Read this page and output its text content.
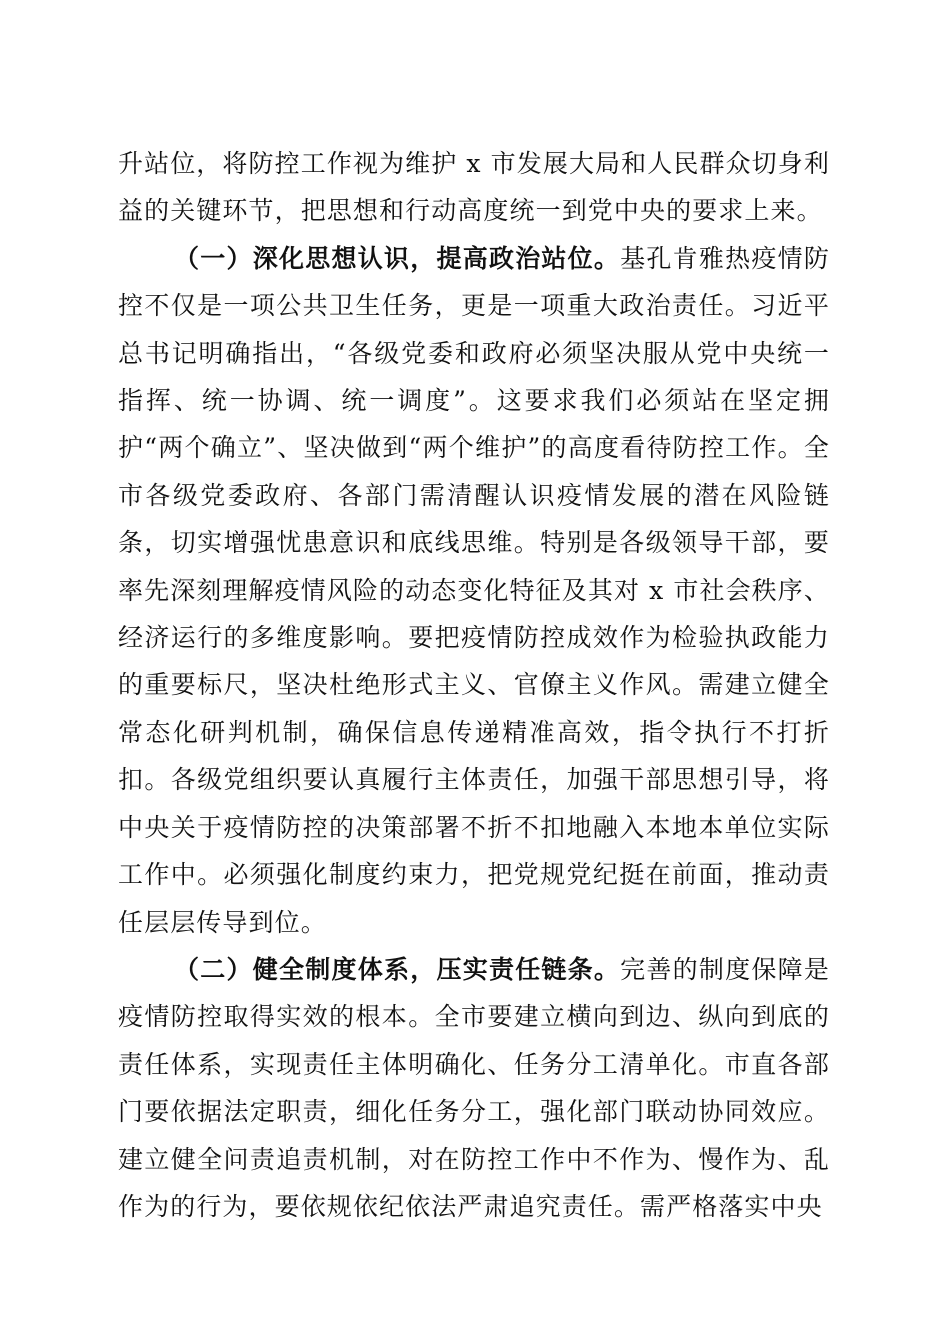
升站位，将防控工作视为维护 x 市发展大局和人民群众切身利益的关键环节，把思想和行动高度统一到党中央的要求上来。

（一）深化思想认识，提高政治站位。基孔肯雅热疫情防控不仅是一项公共卫生任务，更是一项重大政治责任。习近平总书记明确指出，“各级党委和政府必须坚决服从党中央统一指挥、统一协调、统一调度”。这要求我们必须站在坚定拥护“两个确立”、坚决做到“两个维护”的高度看待防控工作。全市各级党委政府、各部门需清醒认识疫情发展的潜在风险链条，切实增强忧患意识和底线思维。特别是各级领导干部，要率先深刻理解疫情风险的动态变化特征及其对 x 市社会秩序、经济运行的多维度影响。要把疫情防控成效作为检验执政能力的重要标尺，坚决杜绝形式主义、官僚主义作风。需建立健全常态化研判机制，确保信息传递精准高效，指令执行不打折扣。各级党组织要认真履行主体责任，加强干部思想引导，将中央关于疫情防控的决策部署不折不扣地融入本地本单位实际工作中。必须强化制度约束力，把党规党纪挺在前面，推动责任层层传导到位。

（二）健全制度体系，压实责任链条。完善的制度保障是疫情防控取得实效的根本。全市要建立横向到边、纵向到底的责任体系，实现责任主体明确化、任务分工清单化。市直各部门要依据法定职责，细化任务分工，强化部门联动协同效应。建立健全问责追责机制，对在防控工作中不作为、慢作为、乱作为的行为，要依规依纪依法严肃追究责任。需严格落实中央
